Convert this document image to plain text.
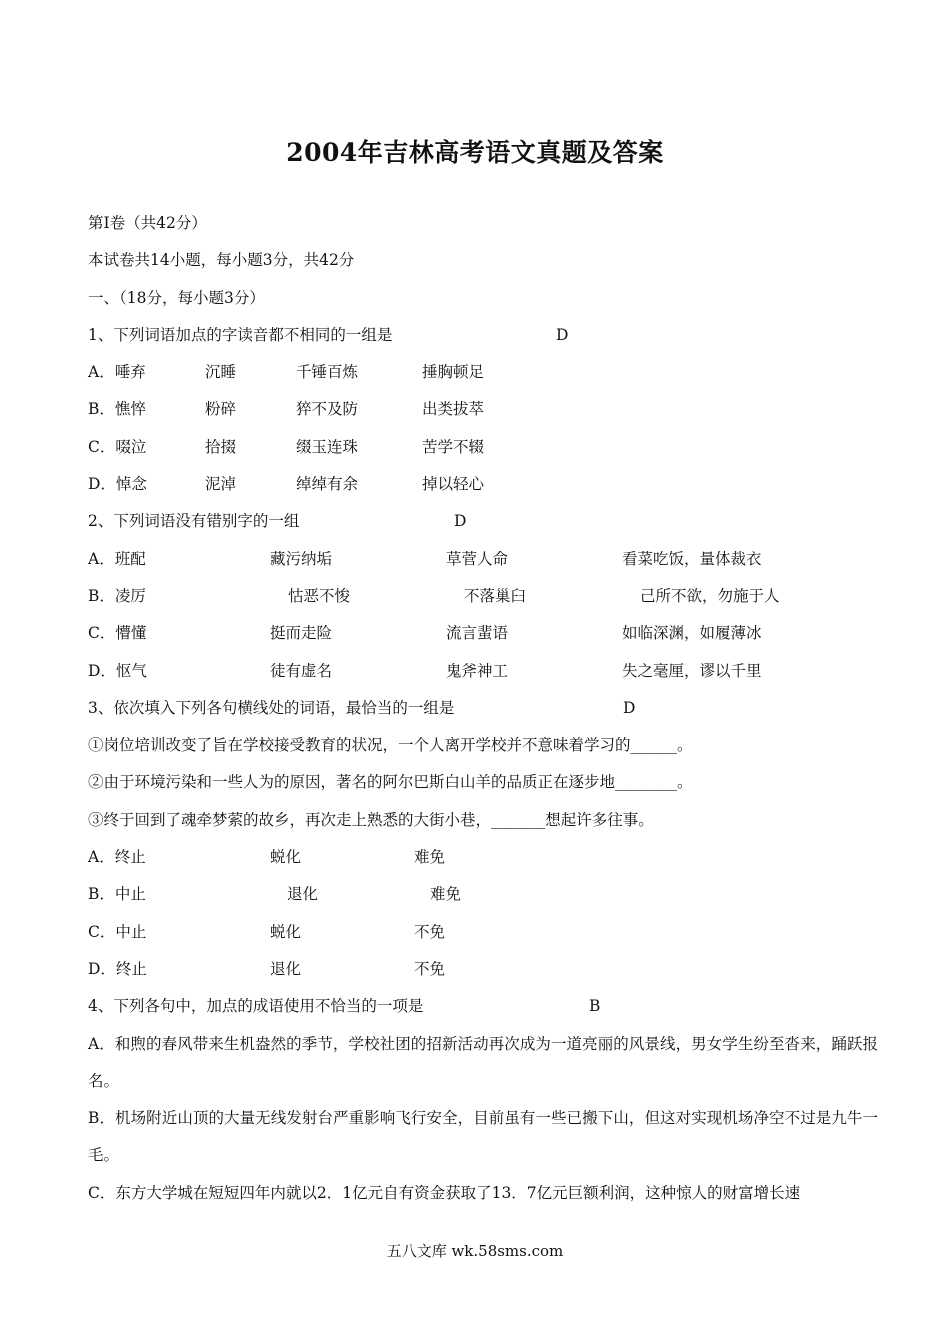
2004年吉林高考语文真题及答案
第Ⅰ卷（共42分）
本试卷共14小题，每小题3分，共42分
一、（18分，每小题3分）
1、下列词语加点的字读音都不相同的一组是	D
A．唾弃	沉睡	千锤百炼	捶胸顿足
B．憔悴	粉碎	猝不及防	出类拔萃
C．啜泣	拾掇	缀玉连珠	苦学不辍
D．悼念	泥淖	绰绰有余	掉以轻心
2、下列词语没有错别字的一组	D
A．班配	藏污纳垢	草菅人命	看菜吃饭，量体裁衣
B．凌厉	怙恶不悛	不落巢臼	己所不欲，勿施于人
C．懵懂	挺而走险	流言蜚语	如临深渊，如履薄冰
D．怄气	徒有虚名	鬼斧神工	失之毫厘，谬以千里
3、依次填入下列各句横线处的词语，最恰当的一组是	D
①岗位培训改变了旨在学校接受教育的状况，一个人离开学校并不意味着学习的______。
②由于环境污染和一些人为的原因，著名的阿尔巴斯白山羊的品质正在逐步地________。
③终于回到了魂牵梦萦的故乡，再次走上熟悉的大街小巷，_______想起许多往事。
A．终止	蜕化	难免
B．中止	退化	难免
C．中止	蜕化	不免
D．终止	退化	不免
4、下列各句中，加点的成语使用不恰当的一项是	B
A．和煦的春风带来生机盎然的季节，学校社团的招新活动再次成为一道亮丽的风景线，男女学生纷至沓来，踊跃报名。
B．机场附近山顶的大量无线发射台严重影响飞行安全，目前虽有一些已搬下山，但这对实现机场净空不过是九牛一毛。
C．东方大学城在短短四年内就以2．1亿元自有资金获取了13．7亿元巨额利润，这种惊人的财富增长速
五八文库 wk.58sms.com
